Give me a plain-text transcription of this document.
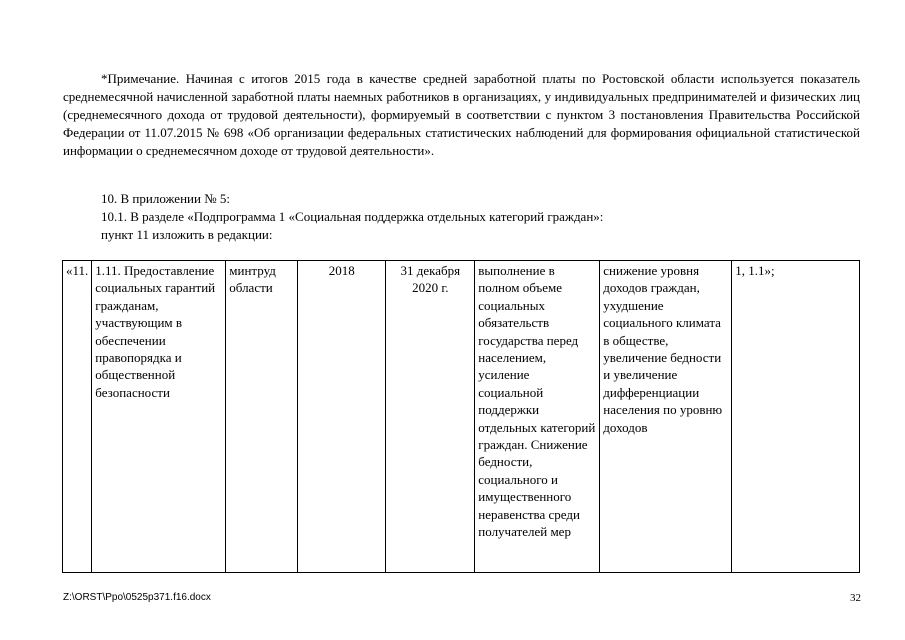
*Примечание. Начиная с итогов 2015 года в качестве средней заработной платы по Ростовской области используется показатель среднемесячной начисленной заработной платы наемных работников в организациях, у индивидуальных предпринимателей и физических лиц (среднемесячного дохода от трудовой деятельности), формируемый в соответствии с пунктом 3 постановления Правительства Российской Федерации от 11.07.2015 № 698 «Об организации федеральных статистических наблюдений для формирования официальной статистической информации о среднемесячном доходе от трудовой деятельности».

10. В приложении № 5:

10.1. В разделе «Подпрограмма 1 «Социальная поддержка отдельных категорий граждан»:

пункт 11 изложить в редакции:

«11.	1.11. Предоставление социальных гарантий гражданам, участвующим в обеспечении правопорядка и общественной безопасности	минтруд области	2018	31 декабря 2020 г.	выполнение в полном объеме социальных обязательств государства перед населением, усиление социальной поддержки отдельных категорий граждан. Снижение бедности, социального и имущественного неравенства среди получателей мер	снижение уровня доходов граждан, ухудшение социального климата в обществе, увеличение бедности и увеличение дифференциации населения по уровню доходов	1, 1.1»;
Z:\ORST\Ppo\0525p371.f16.docx	32
